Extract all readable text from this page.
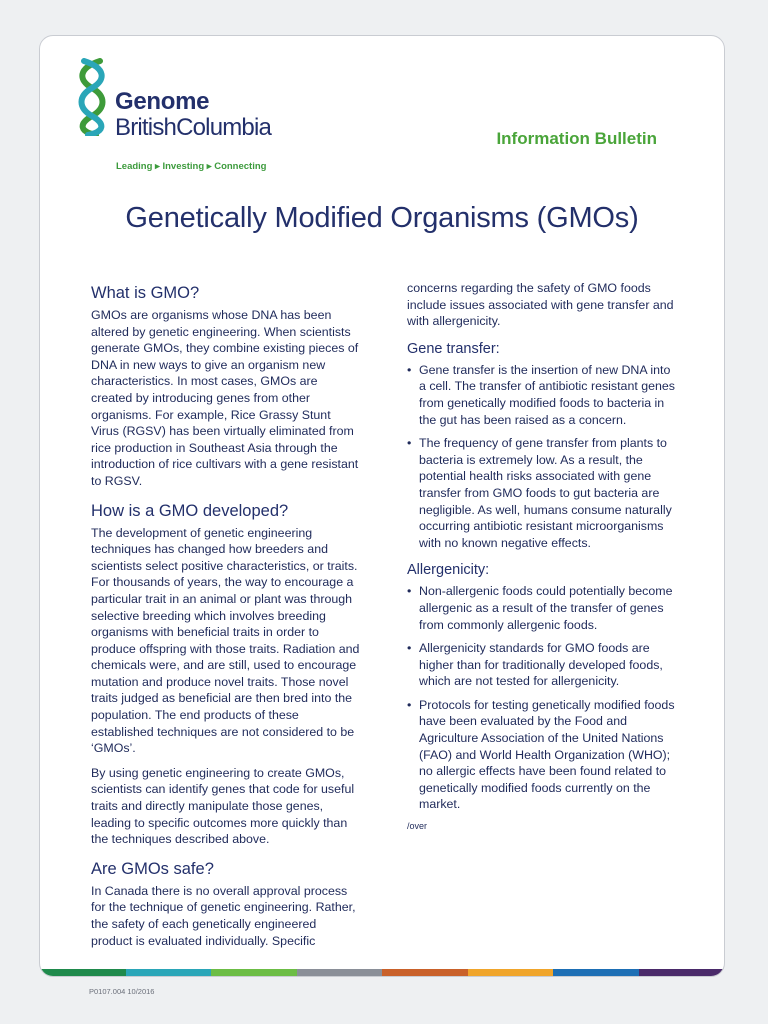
Genome
BritishColumbia
Leading ▸ Investing ▸ Connecting
Information Bulletin
Genetically Modified Organisms (GMOs)
What is GMO?

GMOs are organisms whose DNA has been altered by genetic engineering. When scientists generate GMOs, they combine existing pieces of DNA in new ways to give an organism new characteristics. In most cases, GMOs are created by introducing genes from other organisms. For example, Rice Grassy Stunt Virus (RGSV) has been virtually eliminated from rice production in Southeast Asia through the introduction of rice cultivars with a gene resistant to RGSV.

How is a GMO developed?

The development of genetic engineering techniques has changed how breeders and scientists select positive characteristics, or traits. For thousands of years, the way to encourage a particular trait in an animal or plant was through selective breeding which involves breeding organisms with beneficial traits in order to produce offspring with those traits. Radiation and chemicals were, and are still, used to encourage mutation and produce novel traits. Those novel traits judged as beneficial are then bred into the population. The end products of these established techniques are not considered to be ‘GMOs’.

By using genetic engineering to create GMOs, scientists can identify genes that code for useful traits and directly manipulate those genes, leading to specific outcomes more quickly than the techniques described above.

Are GMOs safe?

In Canada there is no overall approval process for the technique of genetic engineering. Rather, the safety of each genetically engineered product is evaluated individually. Specific

concerns regarding the safety of GMO foods include issues associated with gene transfer and with allergenicity.

Gene transfer:
• Gene transfer is the insertion of new DNA into a cell. The transfer of antibiotic resistant genes from genetically modified foods to bacteria in the gut has been raised as a concern.
• The frequency of gene transfer from plants to bacteria is extremely low. As a result, the potential health risks associated with gene transfer from GMO foods to gut bacteria are negligible. As well, humans consume naturally occurring antibiotic resistant microorganisms with no known negative effects.
Allergenicity:
• Non-allergenic foods could potentially become allergenic as a result of the transfer of genes from commonly allergenic foods.
• Allergenicity standards for GMO foods are higher than for traditionally developed foods, which are not tested for allergenicity.
• Protocols for testing genetically modified foods have been evaluated by the Food and Agriculture Association of the United Nations (FAO) and World Health Organization (WHO); no allergic effects have been found related to genetically modified foods currently on the market.
/over
P0107.004 10/2016
